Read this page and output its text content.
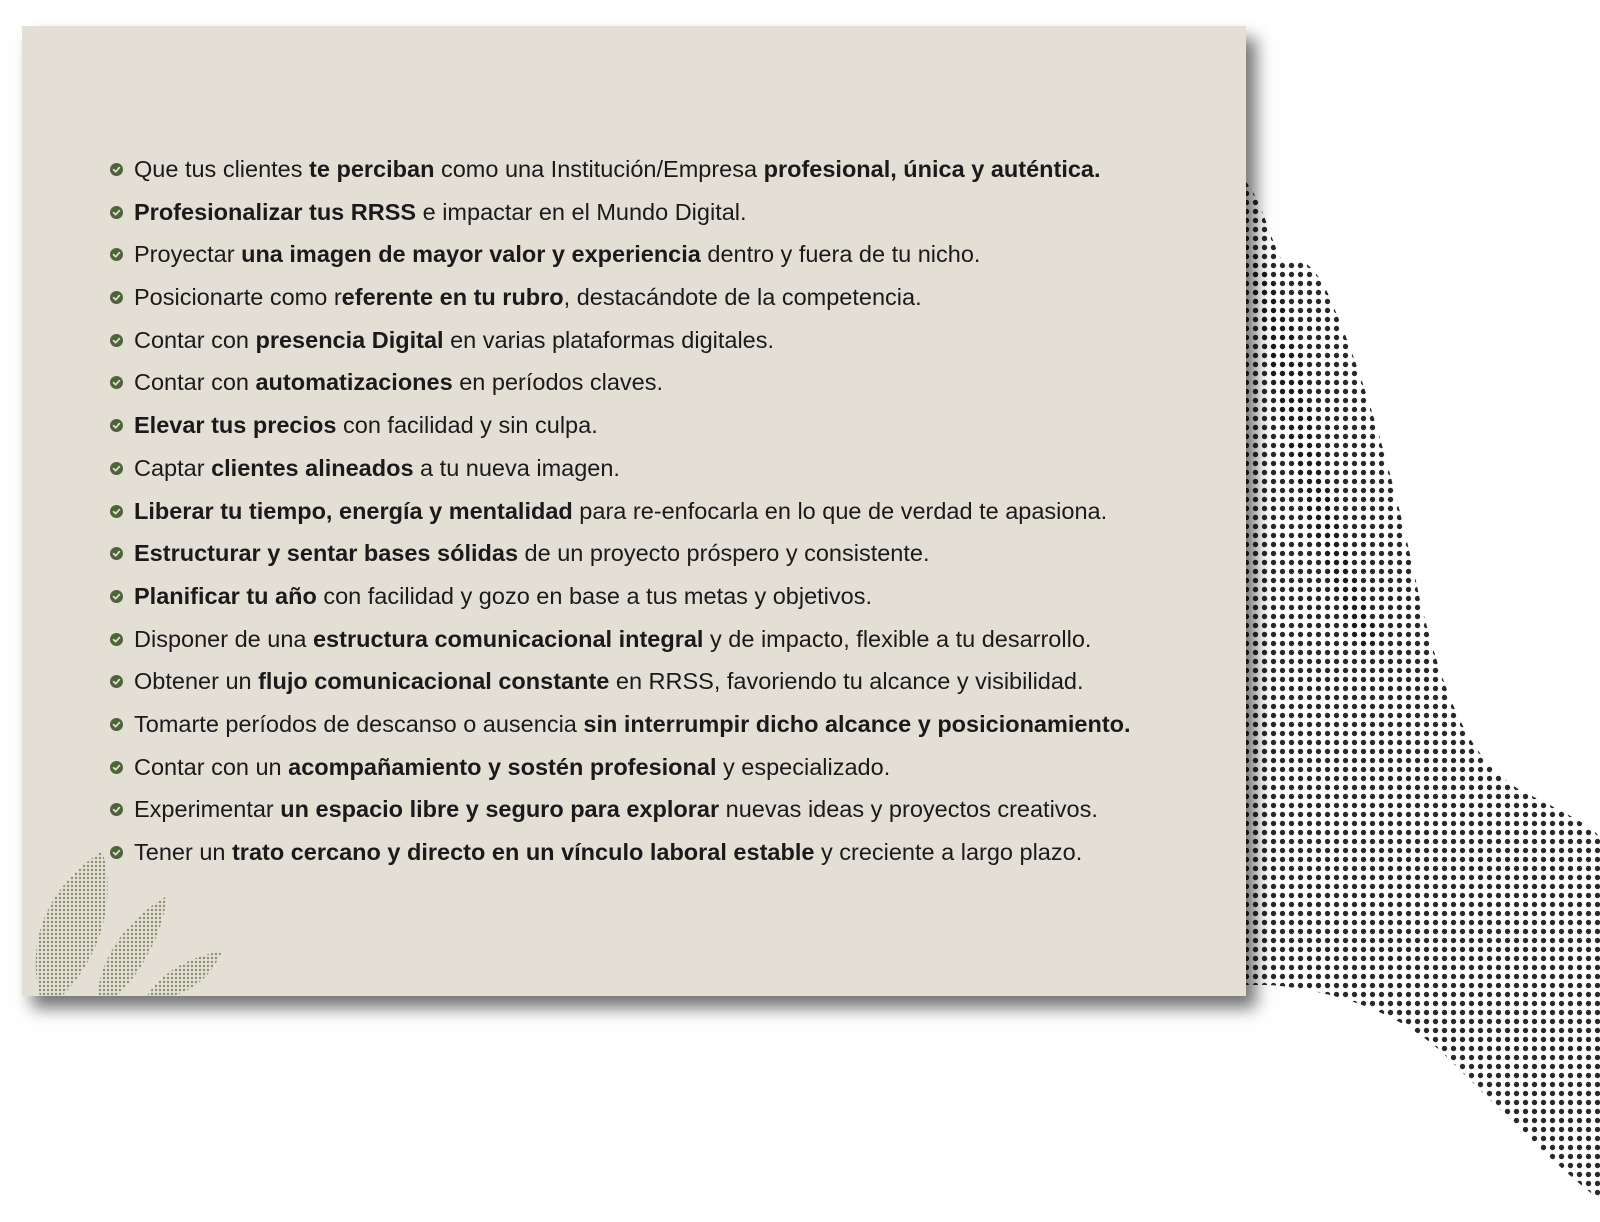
Que tus clientes te perciban como una Institución/Empresa profesional, única y auténtica.
Profesionalizar tus RRSS e impactar en el Mundo Digital.
Proyectar una imagen de mayor valor y experiencia dentro y fuera de tu nicho.
Posicionarte como referente en tu rubro, destacándote de la competencia.
Contar con presencia Digital en varias plataformas digitales.
Contar con automatizaciones en períodos claves.
Elevar tus precios con facilidad y sin culpa.
Captar clientes alineados a tu nueva imagen.
Liberar tu tiempo, energía y mentalidad para re-enfocarla en lo que de verdad te apasiona.
Estructurar y sentar bases sólidas de un proyecto próspero y consistente.
Planificar tu año con facilidad y gozo en base a tus metas y objetivos.
Disponer de una estructura comunicacional integral y de impacto, flexible a tu desarrollo.
Obtener un flujo comunicacional constante en RRSS, favoriendo tu alcance y visibilidad.
Tomarte períodos de descanso o ausencia sin interrumpir dicho alcance y posicionamiento.
Contar con un acompañamiento y sostén profesional y especializado.
Experimentar un espacio libre y seguro para explorar nuevas ideas y proyectos creativos.
Tener un trato cercano y directo en un vínculo laboral estable y creciente a largo plazo.
